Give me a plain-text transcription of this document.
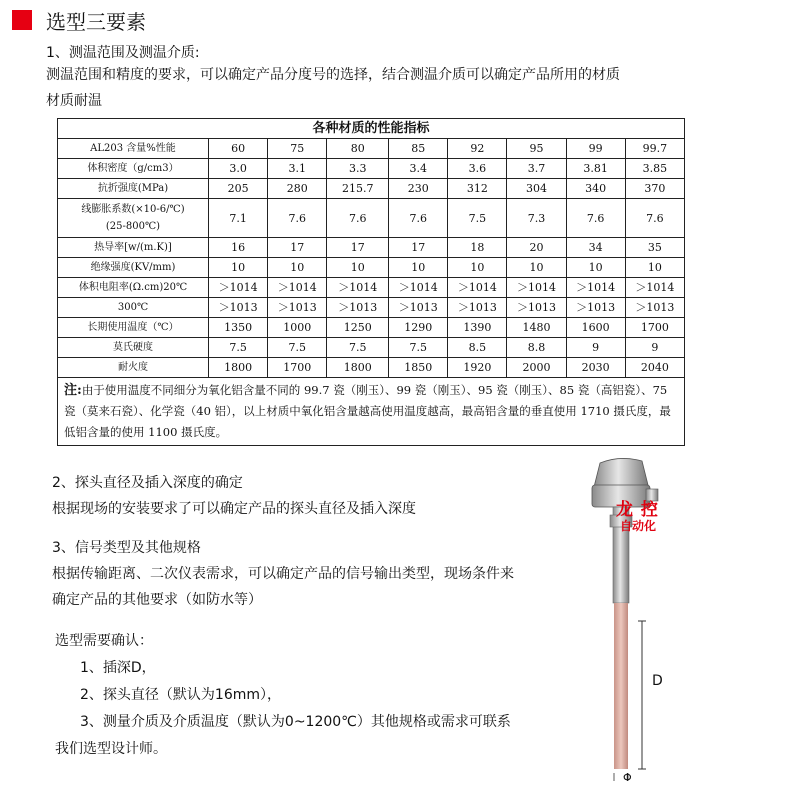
选型三要素
1、测温范围及测温介质:
测温范围和精度的要求，可以确定产品分度号的选择，结合测温介质可以确定产品所用的材质
材质耐温
各种材质的性能指标								
AL203 含量%性能	60	75	80	85	92	95	99	99.7
体积密度（g/cm3）	3.0	3.1	3.3	3.4	3.6	3.7	3.81	3.85
抗折强度(MPa)	205	280	215.7	230	312	304	340	370

线膨胀系数(×10-6/℃)
(25-800℃)	7.1	7.6	7.6	7.6	7.5	7.3	7.6	7.6
热导率[w/(m.K)]	16	17	17	17	18	20	34	35
绝缘强度(KV/mm)	10	10	10	10	10	10	10	10
体积电阻率(Ω.cm)20℃	＞1014	＞1014	＞1014	＞1014	＞1014	＞1014	＞1014	＞1014
300℃	＞1013	＞1013	＞1013	＞1013	＞1013	＞1013	＞1013	＞1013
长期使用温度（℃）	1350	1000	1250	1290	1390	1480	1600	1700
莫氏硬度	7.5	7.5	7.5	7.5	8.5	8.8	9	9
耐火度	1800	1700	1800	1850	1920	2000	2030	2040
注:由于使用温度不同细分为氧化铝含量不同的 99.7 瓷（刚玉）、99 瓷（刚玉）、95 瓷（刚玉）、85 瓷（高铝瓷）、75 瓷（莫来石瓷）、化学瓷（40 铝），以上材质中氧化铝含量越高使用温度越高，最高铝含量的垂直使用 1710 摄氏度，最低铝含量的使用 1100 摄氏度。								
2、探头直径及插入深度的确定
根据现场的安装要求了可以确定产品的探头直径及插入深度
3、信号类型及其他规格
根据传输距离、二次仪表需求，可以确定产品的信号输出类型，现场条件来
确定产品的其他要求（如防水等）
选型需要确认：
1、插深D，
2、探头直径（默认为16mm），
3、测量介质及介质温度（默认为0~1200℃）其他规格或需求可联系
我们选型设计师。
D
Φ
龙 控
自动化
